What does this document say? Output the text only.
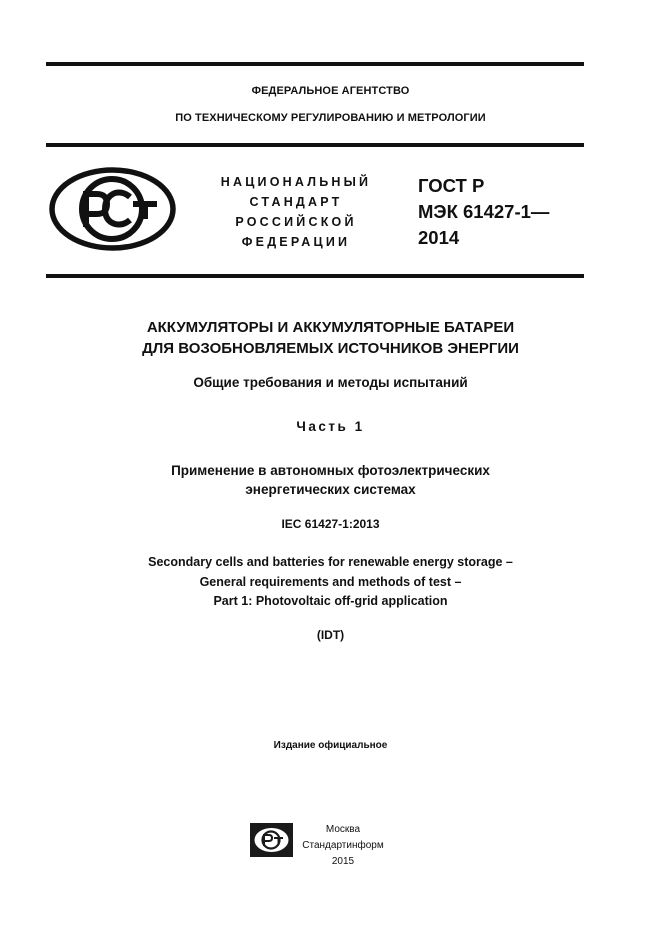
ФЕДЕРАЛЬНОЕ АГЕНТСТВО
ПО ТЕХНИЧЕСКОМУ РЕГУЛИРОВАНИЮ И МЕТРОЛОГИИ
НАЦИОНАЛЬНЫЙ
СТАНДАРТ
РОССИЙСКОЙ
ФЕДЕРАЦИИ
ГОСТ Р
МЭК 61427-1—
2014
АККУМУЛЯТОРЫ И АККУМУЛЯТОРНЫЕ БАТАРЕИ
ДЛЯ ВОЗОБНОВЛЯЕМЫХ ИСТОЧНИКОВ ЭНЕРГИИ
Общие требования и методы испытаний
Часть 1
Применение в автономных фотоэлектрических
энергетических системах
IEC 61427-1:2013
Secondary cells and batteries for renewable energy storage –
General requirements and methods of test –
Part 1: Photovoltaic off-grid application
(IDT)
Издание официальное
Москва
Стандартинформ
2015
